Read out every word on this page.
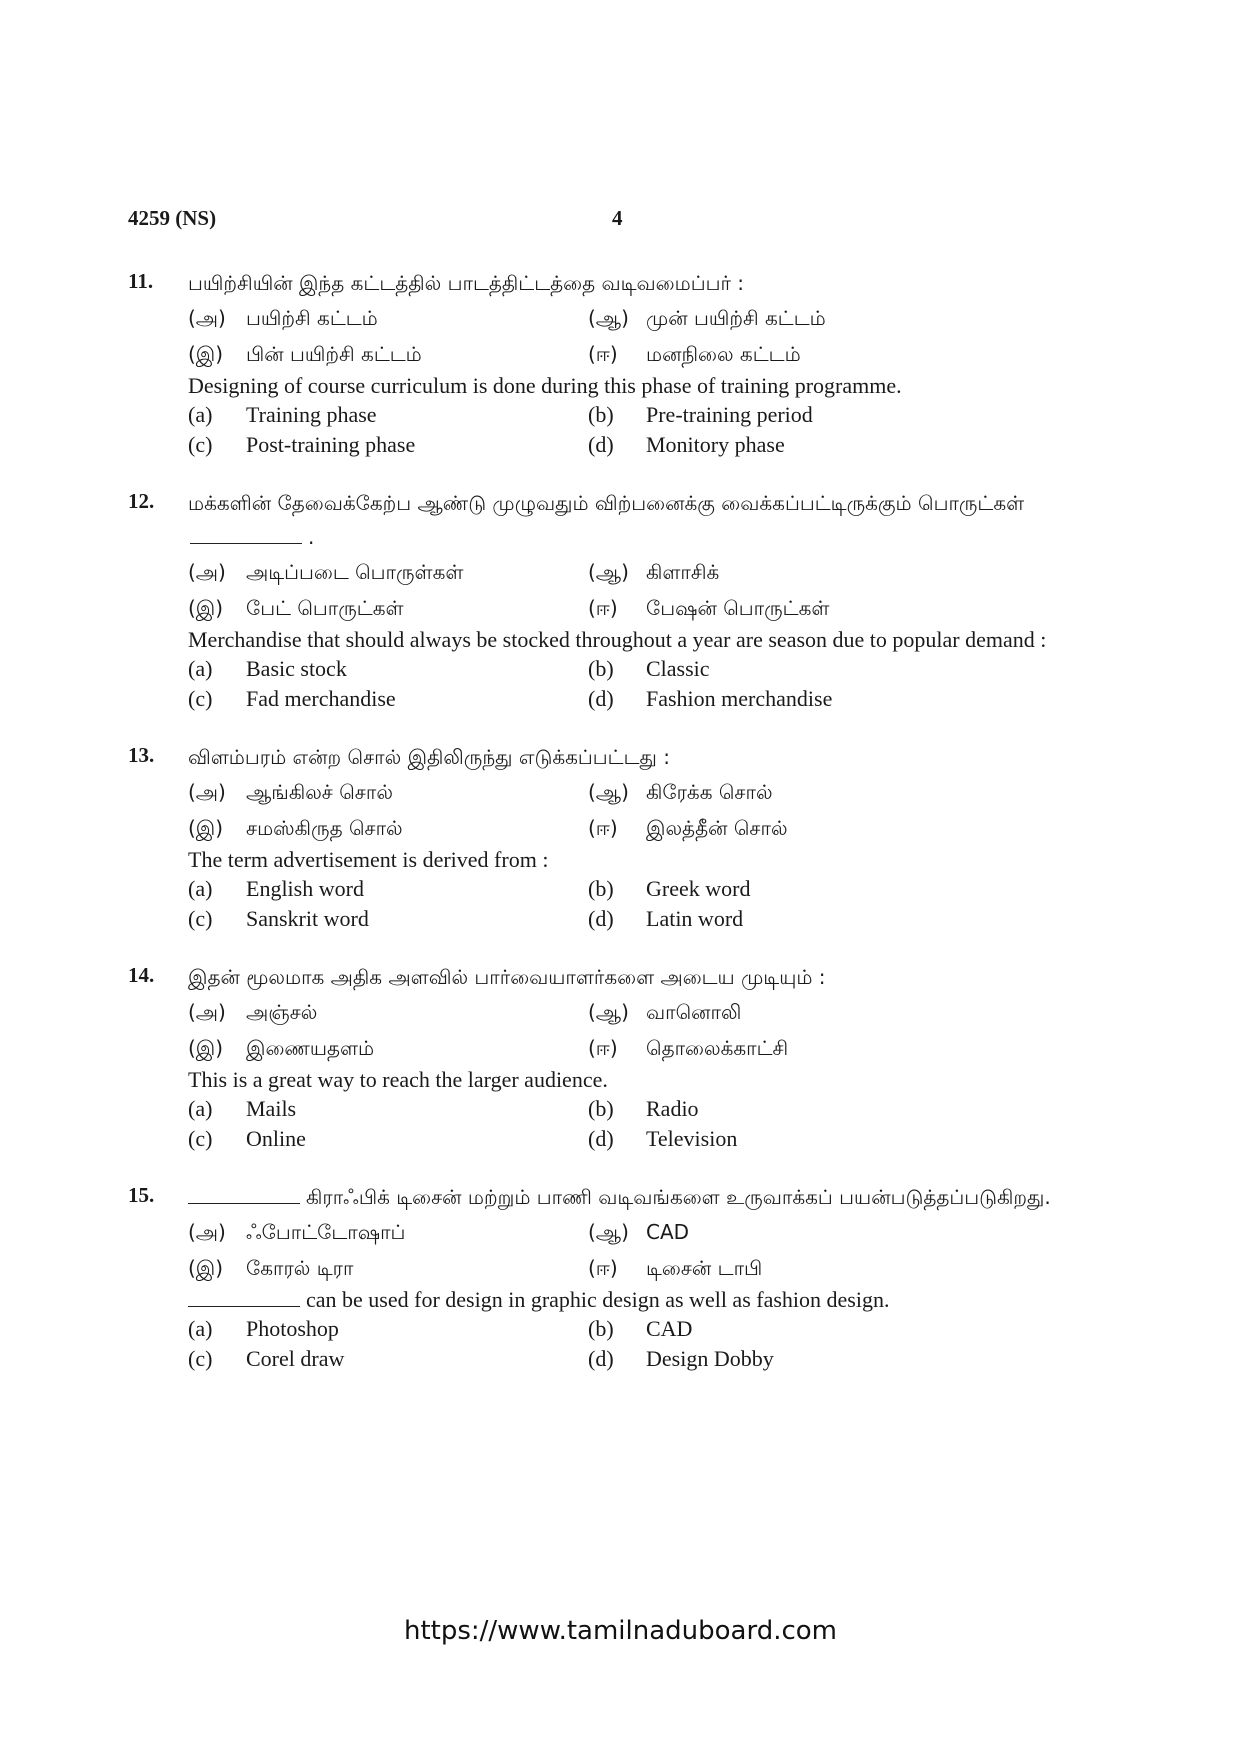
4259 (NS)	4
11. பயிற்சியின் இந்த கட்டத்தில் பாடத்திட்டத்தை வடிவமைப்பர் :
(அ)	பயிற்சி கட்டம்	(ஆ) முன் பயிற்சி கட்டம்
(இ)	பின் பயிற்சி கட்டம்	(ஈ)	மனநிலை கட்டம்
Designing of course curriculum is done during this phase of training programme.
(a)	Training phase	(b)	Pre-training period
(c)	Post-training phase	(d)	Monitory phase
12. மக்களின் தேவைக்கேற்ப ஆண்டு முழுவதும் விற்பனைக்கு வைக்கப்பட்டிருக்கும் பொருட்கள் .
(அ)	அடிப்படை பொருள்கள்	(ஆ) கிளாசிக்
(இ)	பேட் பொருட்கள்	(ஈ)	பேஷன் பொருட்கள்
Merchandise that should always be stocked throughout a year are season due to popular demand :
(a)	Basic stock	(b)	Classic
(c)	Fad merchandise	(d)	Fashion merchandise
13. விளம்பரம் என்ற சொல் இதிலிருந்து எடுக்கப்பட்டது :
(அ)	ஆங்கிலச் சொல்	(ஆ) கிரேக்க சொல்
(இ)	சமஸ்கிருத சொல்	(ஈ)	இலத்தீன் சொல்
The term advertisement is derived from :
(a)	English word	(b)	Greek word
(c)	Sanskrit word	(d)	Latin word
14. இதன் மூலமாக அதிக அளவில் பார்வையாளர்களை அடைய முடியும் :
(அ)	அஞ்சல்	(ஆ) வானொலி
(இ)	இணையதளம்	(ஈ)	தொலைக்காட்சி
This is a great way to reach the larger audience.
(a)	Mails	(b)	Radio
(c)	Online	(d)	Television
15.	கிராஃபிக் டிசைன் மற்றும் பாணி வடிவங்களை உருவாக்கப் பயன்படுத்தப்படுகிறது.
(அ)	ஃபோட்டோஷாப்	(ஆ) CAD
(இ)	கோரல் டிரா	(ஈ)	டிசைன் டாபி
can be used for design in graphic design as well as fashion design.
(a)	Photoshop	(b)	CAD
(c)	Corel draw	(d)	Design Dobby
https://www.tamilnaduboard.com
